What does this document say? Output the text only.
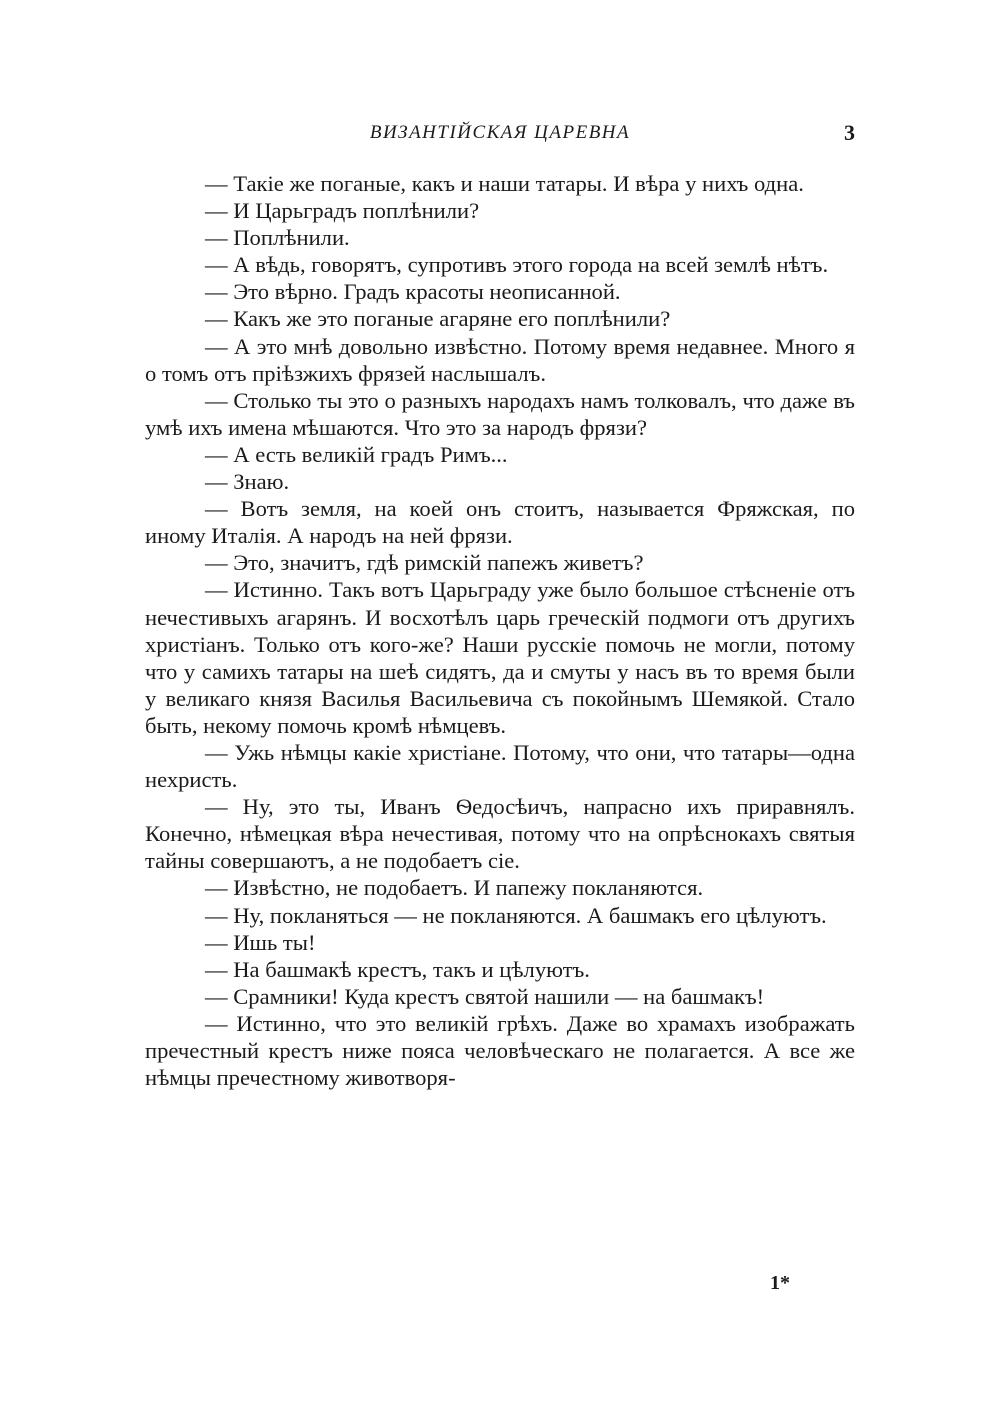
ВИЗАНТІЙСКАЯ ЦАРЕВНА	3

— Такіе же поганые, какъ и наши татары. И вѣра у нихъ одна.

— И Царьградъ поплѣнили?

— Поплѣнили.

— А вѣдь, говорятъ, супротивъ этого города на всей землѣ нѣтъ.

— Это вѣрно. Градъ красоты неописанной.

— Какъ же это поганые агаряне его поплѣнили?

— А это мнѣ довольно извѣстно. Потому время недавнее. Много я о томъ отъ пріѣзжихъ фрязей наслышалъ.

— Столько ты это о разныхъ народахъ намъ толковалъ, что даже въ умѣ ихъ имена мѣшаются. Что это за народъ фрязи?

— А есть великій градъ Римъ...

— Знаю.

— Вотъ земля, на коей онъ стоитъ, называется Фряжская, по иному Италія. А народъ на ней фрязи.

— Это, значитъ, гдѣ римскій папежъ живетъ?

— Истинно. Такъ вотъ Царьграду уже было большое стѣсненіе отъ нечестивыхъ агарянъ. И восхотѣлъ царь греческій подмоги отъ другихъ христіанъ. Только отъ кого-же? Наши русскіе помочь не могли, потому что у самихъ татары на шеѣ сидятъ, да и смуты у насъ въ то время были у великаго князя Василья Васильевича съ покойнымъ Шемякой. Стало быть, некому помочь кромѣ нѣмцевъ.

— Ужь нѣмцы какіе христіане. Потому, что они, что татары—одна нехристь.

— Ну, это ты, Иванъ Ѳедосѣичъ, напрасно ихъ приравнялъ. Конечно, нѣмецкая вѣра нечестивая, потому что на опрѣснокахъ святыя тайны совершаютъ, а не подобаетъ сіе.

— Извѣстно, не подобаетъ. И папежу покланяются.

— Ну, покланяться — не покланяются. А башмакъ его цѣлуютъ.

— Ишь ты!

— На башмакѣ крестъ, такъ и цѣлуютъ.

— Срамники! Куда крестъ святой нашили — на башмакъ!

— Истинно, что это великій грѣхъ. Даже во храмахъ изображать пречестный крестъ ниже пояса человѣческаго не полагается. А все же нѣмцы пречестному животворя-

1*
